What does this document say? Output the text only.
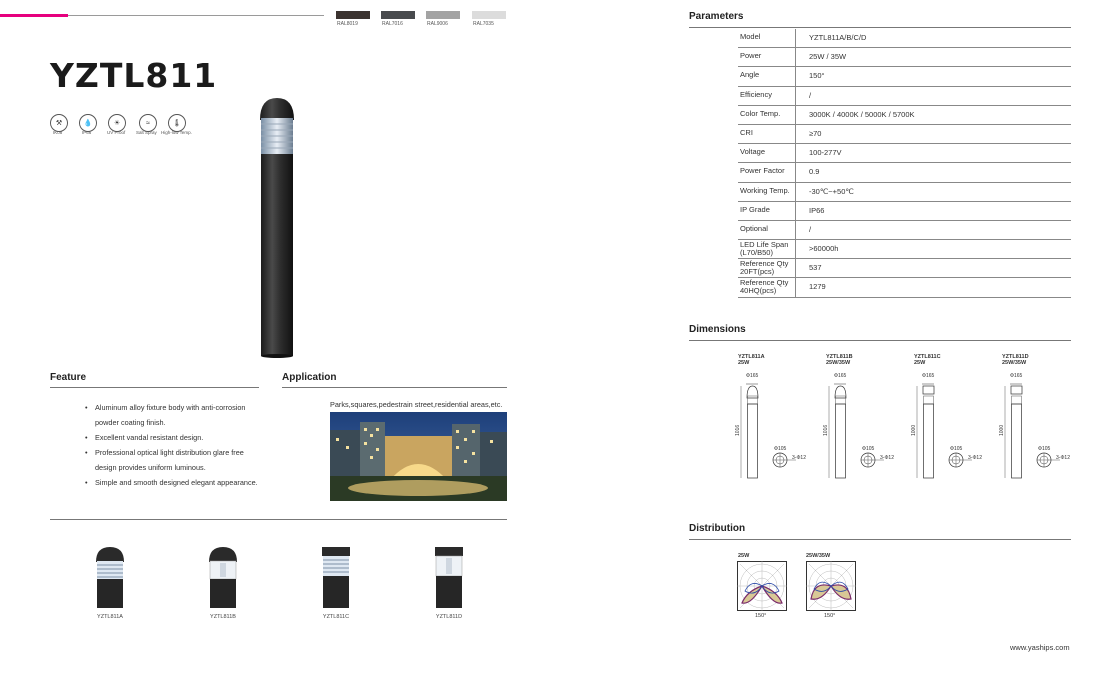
RAL8019	RAL7016	RAL9006	RAL7035
YZTL811
⚒
IK08
💧
IP66
☀
UV Proof
≈
Salt Spray
🌡
High-low Temp.
Feature
• Aluminum alloy fixture body with anti-corrosion powder coating finish.
• Excellent vandal resistant design.
• Professional optical light distribution glare free design provides uniform luminous.
• Simple and smooth designed elegant appearance.
Application
Parks,squares,pedestrain street,residential areas,etc.
YZTL811A	YZTL811B	YZTL811C	YZTL811D
Parameters
Model	YZTL811A/B/C/D
Power	25W / 35W
Angle	150°
Efficiency	/
Color Temp.	3000K / 4000K / 5000K / 5700K
CRI	≥70
Voltage	100-277V
Power Factor	0.9
Working Temp.	-30℃~+50℃
IP Grade	IP66
Optional	/
LED Life Span (L70/B50)	>60000h
Reference Qty 20FT(pcs)	537
Reference Qty 40HQ(pcs)	1279
Dimensions
YZTL811A
25W
Φ165
1016
Φ105
3-Φ12
YZTL811B
25W/35W
Φ165
1016
Φ105
3-Φ12
YZTL811C
25W
Φ165
1000
Φ105
3-Φ12
YZTL811D
25W/35W
Φ165
1000
Φ105
3-Φ12
Distribution
25W
150°
25W/35W
150°
www.yaships.com
